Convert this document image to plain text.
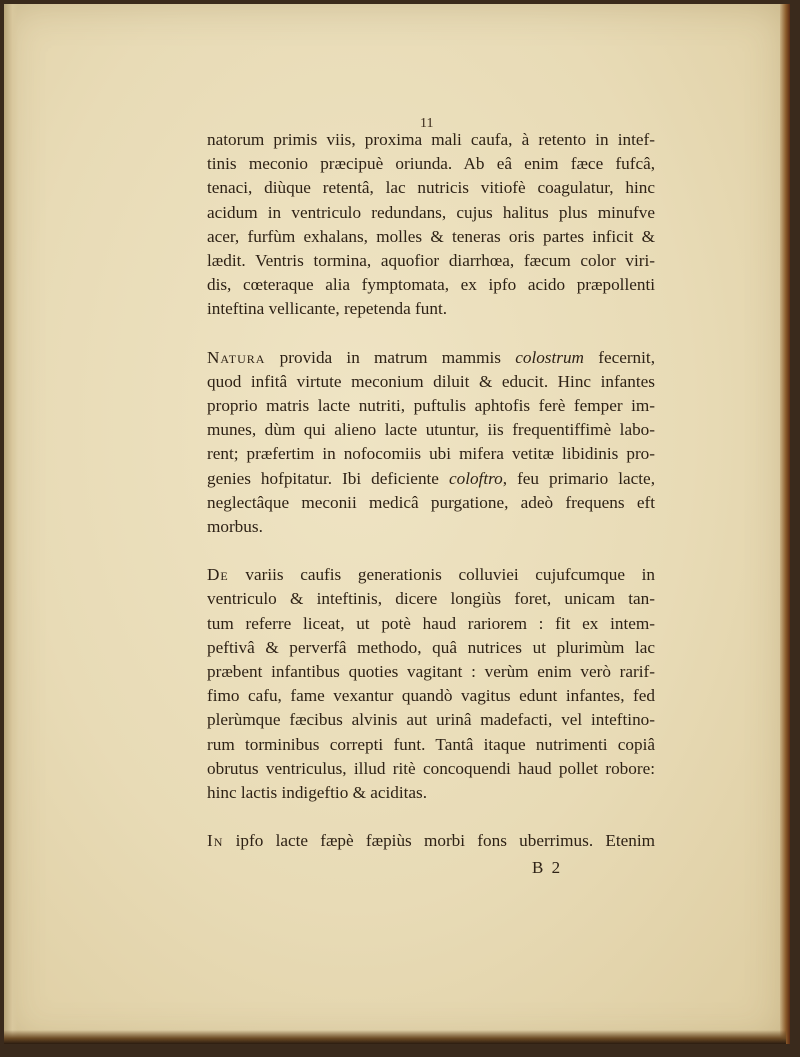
11

natorum primis viis, proxima mali caufa, à retento in intef-
tinis meconio præcipuè oriunda. Ab eâ enim fæce fufcâ,
tenaci, diùque retentâ, lac nutricis vitiofè coagulatur, hinc
acidum in ventriculo redundans, cujus halitus plus minufve
acer, furfùm exhalans, molles & teneras oris partes inficit &
lædit. Ventris tormina, aquofior diarrhœa, fæcum color viri-
dis, cœteraque alia fymptomata, ex ipfo acido præpollenti
inteftina vellicante, repetenda funt.

Natura provida in matrum mammis colostrum fecernit,
quod infitâ virtute meconium diluit & educit. Hinc infantes
proprio matris lacte nutriti, puftulis aphtofis ferè femper im-
munes, dùm qui alieno lacte utuntur, iis frequentiffimè labo-
rent; præfertim in nofocomiis ubi mifera vetitæ libidinis pro-
genies hofpitatur. Ibi deficiente coloftro, feu primario lacte,
neglectâque meconii medicâ purgatione, adeò frequens eft
morbus.

De variis caufis generationis colluviei cujufcumque in
ventriculo & inteftinis, dicere longiùs foret, unicam tan-
tum referre liceat, ut potè haud rariorem : fit ex intem-
peftivâ & perverfâ methodo, quâ nutrices ut plurimùm lac
præbent infantibus quoties vagitant : verùm enim verò rarif-
fimo cafu, fame vexantur quandò vagitus edunt infantes, fed
plerùmque fæcibus alvinis aut urinâ madefacti, vel inteftino-
rum torminibus correpti funt. Tantâ itaque nutrimenti copiâ
obrutus ventriculus, illud ritè concoquendi haud pollet robore:
hinc lactis indigeftio & aciditas.

In ipfo lacte fæpè fæpiùs morbi fons uberrimus. Etenim

B 2
